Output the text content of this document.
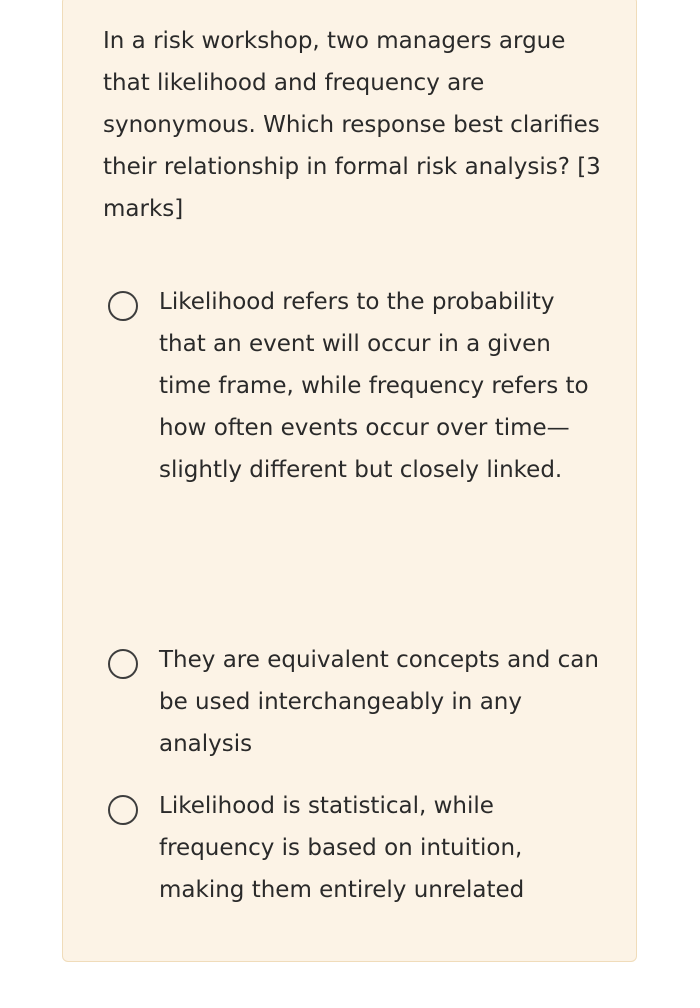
In a risk workshop, two managers argue that likelihood and frequency are synonymous. Which response best clarifies their relationship in formal risk analysis? [3 marks]

Likelihood refers to the probability that an event will occur in a given time frame, while frequency refers to how often events occur over time—slightly different but closely linked.
They are equivalent concepts and can be used interchangeably in any analysis
Likelihood is statistical, while frequency is based on intuition, making them entirely unrelated
